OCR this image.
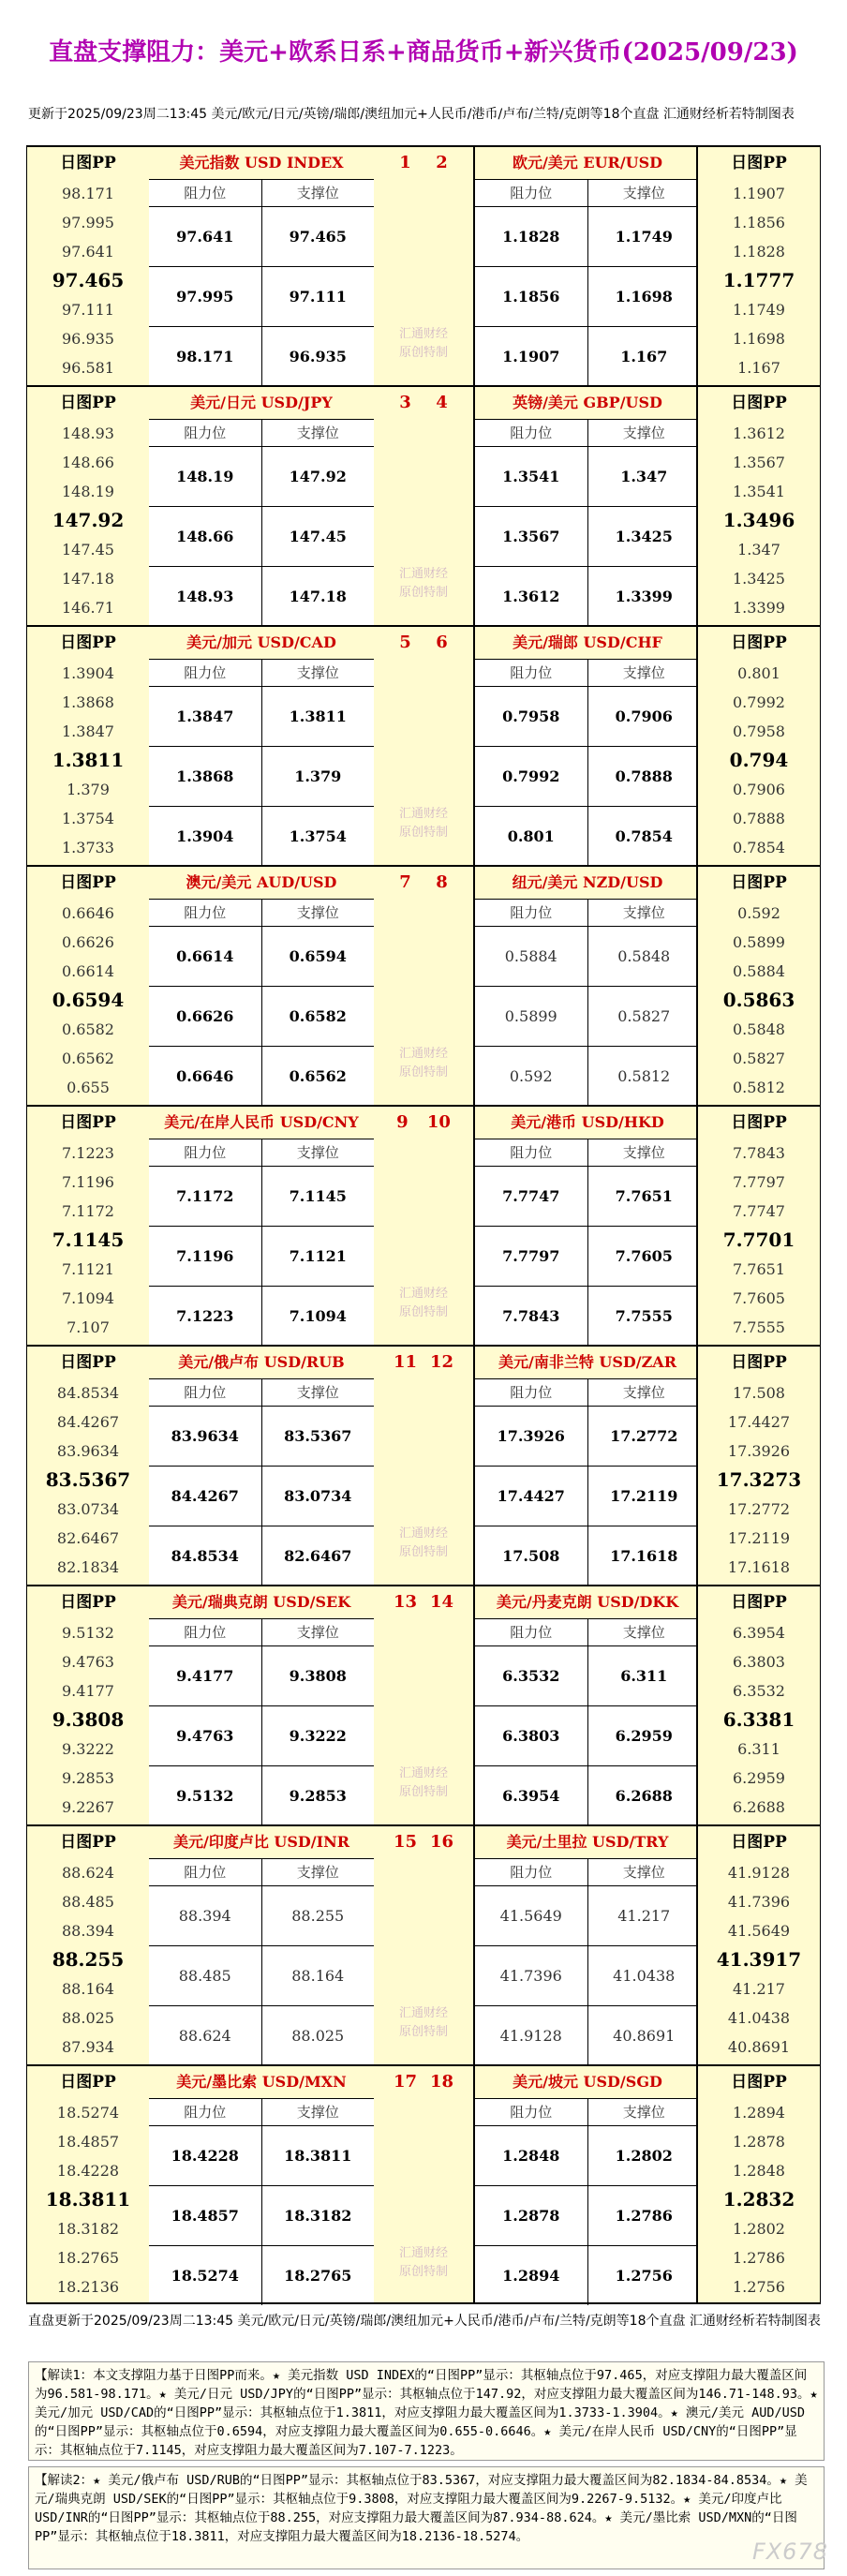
直盘支撑阻力：美元+欧系日系+商品货币+新兴货币(2025/09/23)
更新于2025/09/23周二13:45 美元/欧元/日元/英镑/瑞郎/澳纽加元+人民币/港币/卢布/兰特/克朗等18个直盘 汇通财经析若特制图表
日图PP
98.171
97.995
97.641
97.465
97.111
96.935
96.581
美元指数 USD INDEX
阻力位	支撑位
97.641	97.465
97.995	97.111
98.171	96.935
1 2
汇通财经
原创特制
欧元/美元 EUR/USD
阻力位	支撑位
1.1828	1.1749
1.1856	1.1698
1.1907	1.167
日图PP
1.1907
1.1856
1.1828
1.1777
1.1749
1.1698
1.167
日图PP
148.93
148.66
148.19
147.92
147.45
147.18
146.71
美元/日元 USD/JPY
阻力位	支撑位
148.19	147.92
148.66	147.45
148.93	147.18
3 4
汇通财经
原创特制
英镑/美元 GBP/USD
阻力位	支撑位
1.3541	1.347
1.3567	1.3425
1.3612	1.3399
日图PP
1.3612
1.3567
1.3541
1.3496
1.347
1.3425
1.3399
日图PP
1.3904
1.3868
1.3847
1.3811
1.379
1.3754
1.3733
美元/加元 USD/CAD
阻力位	支撑位
1.3847	1.3811
1.3868	1.379
1.3904	1.3754
5 6
汇通财经
原创特制
美元/瑞郎 USD/CHF
阻力位	支撑位
0.7958	0.7906
0.7992	0.7888
0.801	0.7854
日图PP
0.801
0.7992
0.7958
0.794
0.7906
0.7888
0.7854
日图PP
0.6646
0.6626
0.6614
0.6594
0.6582
0.6562
0.655
澳元/美元 AUD/USD
阻力位	支撑位
0.6614	0.6594
0.6626	0.6582
0.6646	0.6562
7 8
汇通财经
原创特制
纽元/美元 NZD/USD
阻力位	支撑位
0.5884	0.5848
0.5899	0.5827
0.592	0.5812
日图PP
0.592
0.5899
0.5884
0.5863
0.5848
0.5827
0.5812
日图PP
7.1223
7.1196
7.1172
7.1145
7.1121
7.1094
7.107
美元/在岸人民币 USD/CNY
阻力位	支撑位
7.1172	7.1145
7.1196	7.1121
7.1223	7.1094
9 10
汇通财经
原创特制
美元/港币 USD/HKD
阻力位	支撑位
7.7747	7.7651
7.7797	7.7605
7.7843	7.7555
日图PP
7.7843
7.7797
7.7747
7.7701
7.7651
7.7605
7.7555
日图PP
84.8534
84.4267
83.9634
83.5367
83.0734
82.6467
82.1834
美元/俄卢布 USD/RUB
阻力位	支撑位
83.9634	83.5367
84.4267	83.0734
84.8534	82.6467
11 12
汇通财经
原创特制
美元/南非兰特 USD/ZAR
阻力位	支撑位
17.3926	17.2772
17.4427	17.2119
17.508	17.1618
日图PP
17.508
17.4427
17.3926
17.3273
17.2772
17.2119
17.1618
日图PP
9.5132
9.4763
9.4177
9.3808
9.3222
9.2853
9.2267
美元/瑞典克朗 USD/SEK
阻力位	支撑位
9.4177	9.3808
9.4763	9.3222
9.5132	9.2853
13 14
汇通财经
原创特制
美元/丹麦克朗 USD/DKK
阻力位	支撑位
6.3532	6.311
6.3803	6.2959
6.3954	6.2688
日图PP
6.3954
6.3803
6.3532
6.3381
6.311
6.2959
6.2688
日图PP
88.624
88.485
88.394
88.255
88.164
88.025
87.934
美元/印度卢比 USD/INR
阻力位	支撑位
88.394	88.255
88.485	88.164
88.624	88.025
15 16
汇通财经
原创特制
美元/土里拉 USD/TRY
阻力位	支撑位
41.5649	41.217
41.7396	41.0438
41.9128	40.8691
日图PP
41.9128
41.7396
41.5649
41.3917
41.217
41.0438
40.8691
日图PP
18.5274
18.4857
18.4228
18.3811
18.3182
18.2765
18.2136
美元/墨比索 USD/MXN
阻力位	支撑位
18.4228	18.3811
18.4857	18.3182
18.5274	18.2765
17 18
汇通财经
原创特制
美元/坡元 USD/SGD
阻力位	支撑位
1.2848	1.2802
1.2878	1.2786
1.2894	1.2756
日图PP
1.2894
1.2878
1.2848
1.2832
1.2802
1.2786
1.2756
直盘更新于2025/09/23周二13:45 美元/欧元/日元/英镑/瑞郎/澳纽加元+人民币/港币/卢布/兰特/克朗等18个直盘 汇通财经析若特制图表
【解读1：本文支撑阻力基于日图PP而来。★ 美元指数 USD INDEX的“日图PP”显示：其枢轴点位于97.465，对应支撑阻力最大覆盖区间为96.581-98.171。★ 美元/日元 USD/JPY的“日图PP”显示：其枢轴点位于147.92，对应支撑阻力最大覆盖区间为146.71-148.93。★ 美元/加元 USD/CAD的“日图PP”显示：其枢轴点位于1.3811，对应支撑阻力最大覆盖区间为1.3733-1.3904。★ 澳元/美元 AUD/USD的“日图PP”显示：其枢轴点位于0.6594，对应支撑阻力最大覆盖区间为0.655-0.6646。★ 美元/在岸人民币 USD/CNY的“日图PP”显示：其枢轴点位于7.1145，对应支撑阻力最大覆盖区间为7.107-7.1223。
【解读2：★ 美元/俄卢布 USD/RUB的“日图PP”显示：其枢轴点位于83.5367，对应支撑阻力最大覆盖区间为82.1834-84.8534。★ 美元/瑞典克朗 USD/SEK的“日图PP”显示：其枢轴点位于9.3808，对应支撑阻力最大覆盖区间为9.2267-9.5132。★ 美元/印度卢比 USD/INR的“日图PP”显示：其枢轴点位于88.255，对应支撑阻力最大覆盖区间为87.934-88.624。★ 美元/墨比索 USD/MXN的“日图PP”显示：其枢轴点位于18.3811，对应支撑阻力最大覆盖区间为18.2136-18.5274。
FX678
